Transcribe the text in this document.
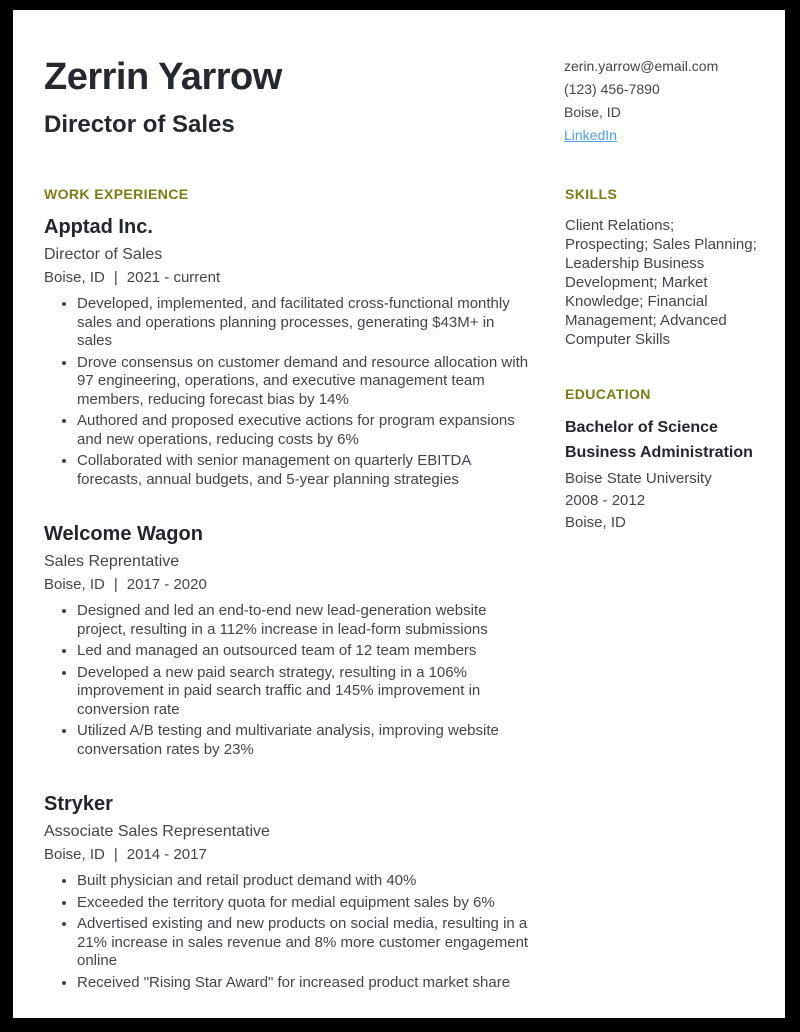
Zerrin Yarrow
Director of Sales
zerin.yarrow@email.com
(123) 456-7890
Boise, ID
LinkedIn
WORK EXPERIENCE
Apptad Inc.
Director of Sales
Boise, ID | 2021 - current
• Developed, implemented, and facilitated cross-functional monthly sales and operations planning processes, generating $43M+ in sales
• Drove consensus on customer demand and resource allocation with 97 engineering, operations, and executive management team members, reducing forecast bias by 14%
• Authored and proposed executive actions for program expansions and new operations, reducing costs by 6%
• Collaborated with senior management on quarterly EBITDA forecasts, annual budgets, and 5-year planning strategies
Welcome Wagon
Sales Reprentative
Boise, ID | 2017 - 2020
• Designed and led an end-to-end new lead-generation website project, resulting in a 112% increase in lead-form submissions
• Led and managed an outsourced team of 12 team members
• Developed a new paid search strategy, resulting in a 106% improvement in paid search traffic and 145% improvement in conversion rate
• Utilized A/B testing and multivariate analysis, improving website conversation rates by 23%
Stryker
Associate Sales Representative
Boise, ID | 2014 - 2017
• Built physician and retail product demand with 40%
• Exceeded the territory quota for medial equipment sales by 6%
• Advertised existing and new products on social media, resulting in a 21% increase in sales revenue and 8% more customer engagement online
• Received "Rising Star Award" for increased product market share
SKILLS
Client Relations; Prospecting; Sales Planning;
Leadership Business Development; Market Knowledge; Financial Management; Advanced Computer Skills
EDUCATION
Bachelor of Science
Business Administration
Boise State University
2008 - 2012
Boise, ID
